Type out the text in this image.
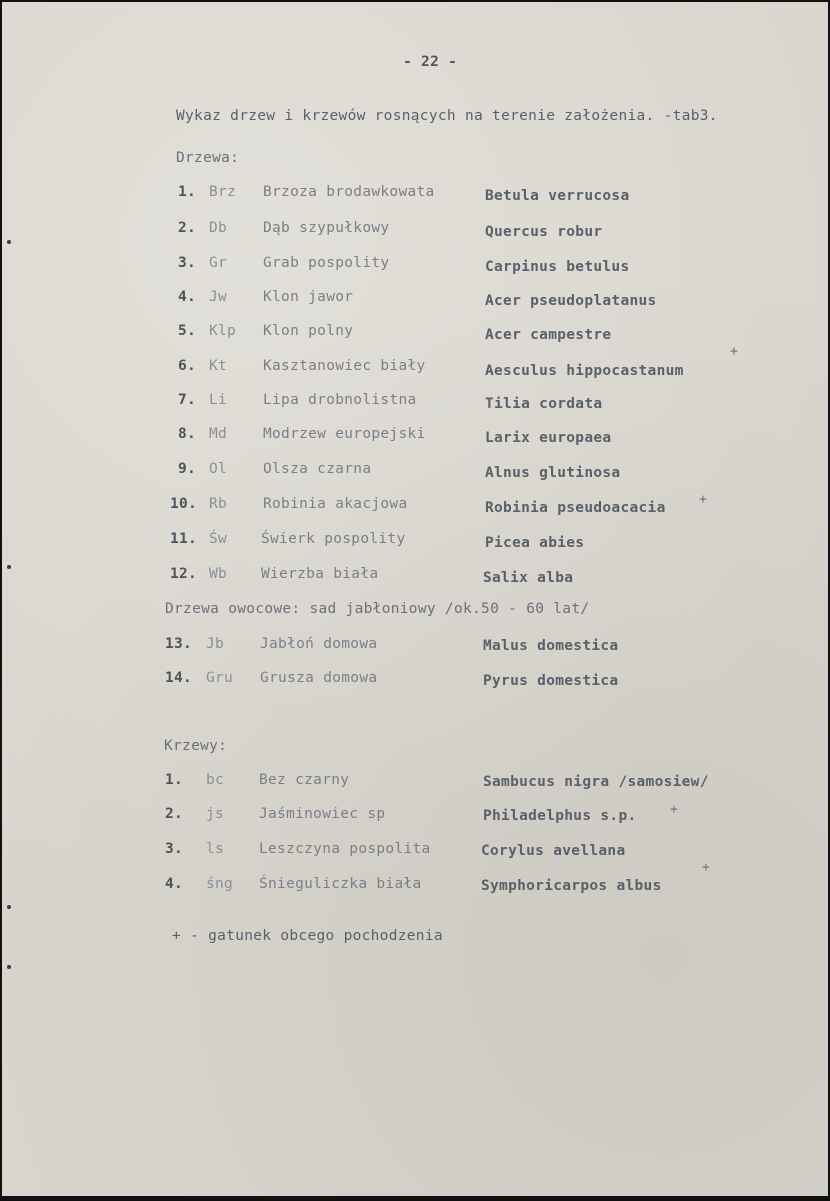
- 22 -
Wykaz drzew i krzewów rosnących na terenie założenia. -tab3.
Drzewa:
1. Brz Brzoza brodawkowata	Betula verrucosa
2. Db Dąb szypułkowy	Quercus robur
3. Gr Grab pospolity	Carpinus betulus
4. Jw Klon jawor	Acer pseudoplatanus
5. Klp Klon polny	Acer campestre
6. Kt Kasztanowiec biały	Aesculus hippocastanum
+
7. Li Lipa drobnolistna	Tilia cordata
8. Md Modrzew europejski	Larix europaea
9. Ol Olsza czarna	Alnus glutinosa
10. Rb Robinia akacjowa	Robinia pseudoacacia
+
11. Św Świerk pospolity	Picea abies
12. Wb Wierzba biała	Salix alba
Drzewa owocowe: sad jabłoniowy /ok.50 - 60 lat/
13. Jb Jabłoń domowa	Malus domestica
14. Gru Grusza domowa	Pyrus domestica
Krzewy:
1. bc Bez czarny	Sambucus nigra /samosiew/
2. js Jaśminowiec sp	Philadelphus s.p.	+
3. ls Leszczyna pospolita	Corylus avellana
4. śng Śnieguliczka biała	Symphoricarpos albus
+
+ - gatunek obcego pochodzenia
